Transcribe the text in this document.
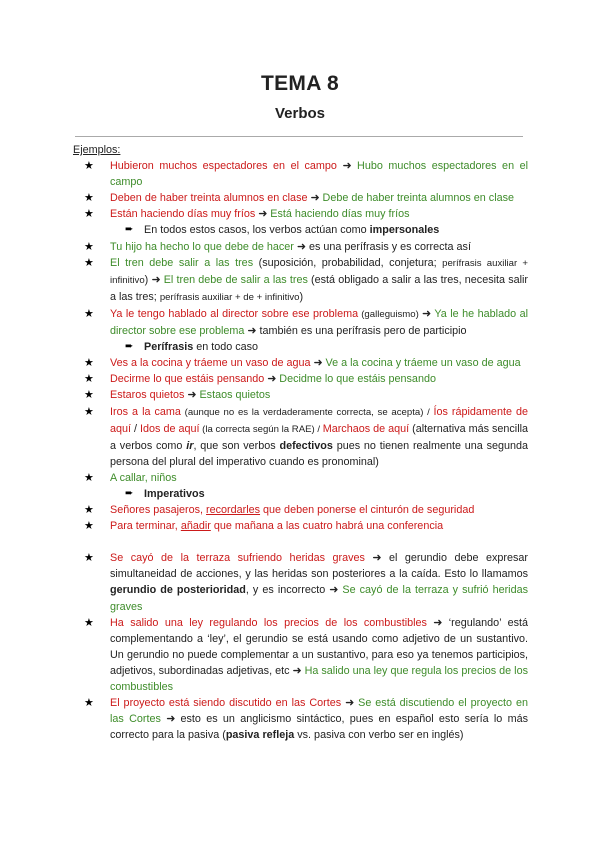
TEMA 8
Verbos
Ejemplos:
★ Hubieron muchos espectadores en el campo ➜ Hubo muchos espectadores en el campo
★ Deben de haber treinta alumnos en clase ➜ Debe de haber treinta alumnos en clase
★ Están haciendo días muy fríos ➜ Está haciendo días muy fríos
➨ En todos estos casos, los verbos actúan como impersonales
★ Tu hijo ha hecho lo que debe de hacer ➜ es una perífrasis y es correcta así
★ El tren debe salir a las tres (suposición, probabilidad, conjetura; perífrasis auxiliar + infinitivo) ➜ El tren debe de salir a las tres (está obligado a salir a las tres, necesita salir a las tres; perífrasis auxiliar + de + infinitivo)
★ Ya le tengo hablado al director sobre ese problema (galleguismo) ➜ Ya le he hablado al director sobre ese problema ➜ también es una perífrasis pero de participio
➨ Perífrasis en todo caso
★ Ves a la cocina y tráeme un vaso de agua ➜ Ve a la cocina y tráeme un vaso de agua
★ Decirme lo que estáis pensando ➜ Decidme lo que estáis pensando
★ Estaros quietos ➜ Estaos quietos
★ Iros a la cama (aunque no es la verdaderamente correcta, se acepta) / Íos rápidamente de aquí / Idos de aquí (la correcta según la RAE) / Marchaos de aquí (alternativa más sencilla a verbos como ir, que son verbos defectivos pues no tienen realmente una segunda persona del plural del imperativo cuando es pronominal)
★ A callar, niños
➨ Imperativos
★ Señores pasajeros, recordarles que deben ponerse el cinturón de seguridad
★ Para terminar, añadir que mañana a las cuatro habrá una conferencia
★ Se cayó de la terraza sufriendo heridas graves ➜ el gerundio debe expresar simultaneidad de acciones, y las heridas son posteriores a la caída. Esto lo llamamos gerundio de posterioridad, y es incorrecto ➜ Se cayó de la terraza y sufrió heridas graves
★ Ha salido una ley regulando los precios de los combustibles ➜ ‘regulando’ está complementando a ‘ley’, el gerundio se está usando como adjetivo de un sustantivo. Un gerundio no puede complementar a un sustantivo, para eso ya tenemos participios, adjetivos, subordinadas adjetivas, etc ➜ Ha salido una ley que regula los precios de los combustibles
★ El proyecto está siendo discutido en las Cortes ➜ Se está discutiendo el proyecto en las Cortes ➜ esto es un anglicismo sintáctico, pues en español esto sería lo más correcto para la pasiva (pasiva refleja vs. pasiva con verbo ser en inglés)
